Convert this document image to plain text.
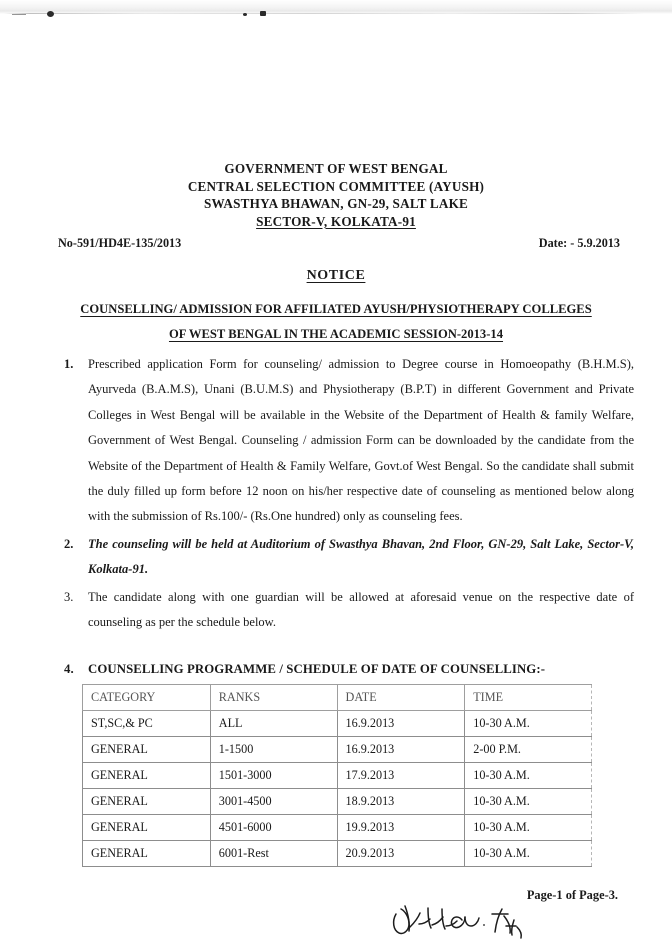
GOVERNMENT OF WEST BENGAL
CENTRAL SELECTION COMMITTEE (AYUSH)
SWASTHYA BHAWAN, GN-29, SALT LAKE
SECTOR-V, KOLKATA-91
No-591/HD4E-135/2013	Date: - 5.9.2013
NOTICE
COUNSELLING/ ADMISSION FOR AFFILIATED AYUSH/PHYSIOTHERAPY COLLEGES
OF WEST BENGAL IN THE ACADEMIC SESSION-2013-14
1.	Prescribed application Form for counseling/ admission to Degree course in Homoeopathy (B.H.M.S), Ayurveda (B.A.M.S), Unani (B.U.M.S) and Physiotherapy (B.P.T) in different Government and Private Colleges in West Bengal will be available in the Website of the Department of Health & family Welfare, Government of West Bengal. Counseling / admission Form can be downloaded by the candidate from the Website of the Department of Health & Family Welfare, Govt.of West Bengal. So the candidate shall submit the duly filled up form before 12 noon on his/her respective date of counseling as mentioned below along with the submission of Rs.100/- (Rs.One hundred) only as counseling fees.
2.	The counseling will be held at Auditorium of Swasthya Bhavan, 2nd Floor, GN-29, Salt Lake, Sector-V, Kolkata-91.
3.	The candidate along with one guardian will be allowed at aforesaid venue on the respective date of counseling as per the schedule below.
4.	COUNSELLING PROGRAMME / SCHEDULE OF DATE OF COUNSELLING:-
CATEGORY	RANKS	DATE	TIME
ST,SC,& PC	ALL	16.9.2013	10-30 A.M.
GENERAL	1-1500	16.9.2013	2-00 P.M.
GENERAL	1501-3000	17.9.2013	10-30 A.M.
GENERAL	3001-4500	18.9.2013	10-30 A.M.
GENERAL	4501-6000	19.9.2013	10-30 A.M.
GENERAL	6001-Rest	20.9.2013	10-30 A.M.
Page-1 of Page-3.
